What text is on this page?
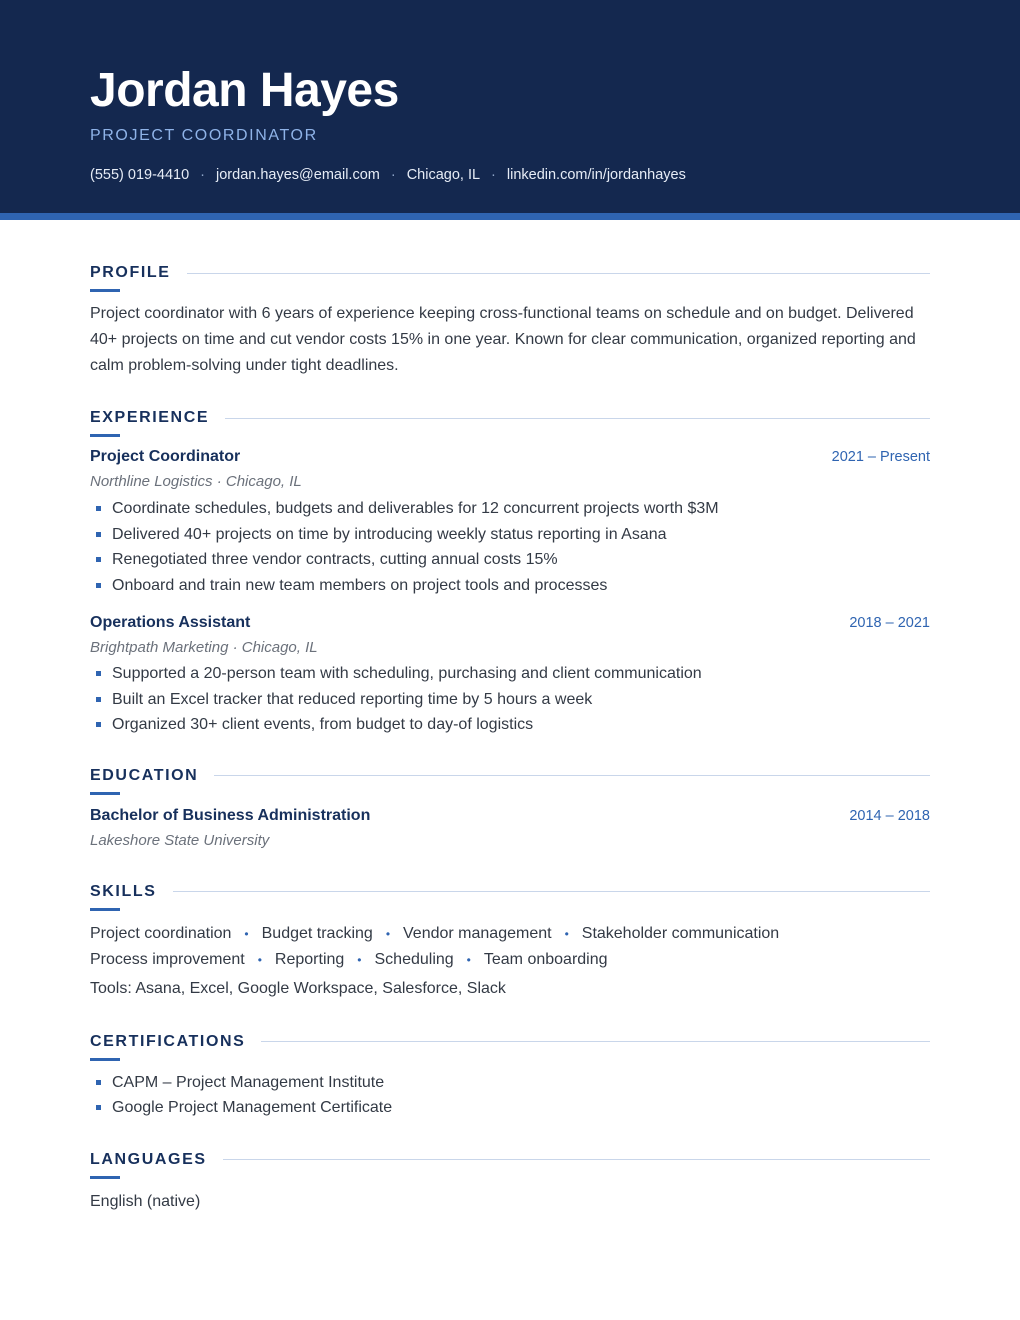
Jordan Hayes
PROJECT COORDINATOR
(555) 019-4410 · jordan.hayes@email.com · Chicago, IL · linkedin.com/in/jordanhayes
PROFILE

Project coordinator with 6 years of experience keeping cross-functional teams on schedule and on budget. Delivered 40+ projects on time and cut vendor costs 15% in one year. Known for clear communication, organized reporting and calm problem-solving under tight deadlines.

EXPERIENCE
Project Coordinator	2021 – Present
Northline Logistics · Chicago, IL
Coordinate schedules, budgets and deliverables for 12 concurrent projects worth $3M
Delivered 40+ projects on time by introducing weekly status reporting in Asana
Renegotiated three vendor contracts, cutting annual costs 15%
Onboard and train new team members on project tools and processes
Operations Assistant	2018 – 2021
Brightpath Marketing · Chicago, IL
Supported a 20-person team with scheduling, purchasing and client communication
Built an Excel tracker that reduced reporting time by 5 hours a week
Organized 30+ client events, from budget to day-of logistics
EDUCATION
Bachelor of Business Administration	2014 – 2018
Lakeshore State University
SKILLS
Project coordination • Budget tracking • Vendor management • Stakeholder communication
Process improvement • Reporting • Scheduling • Team onboarding

Tools: Asana, Excel, Google Workspace, Salesforce, Slack

CERTIFICATIONS
CAPM – Project Management Institute
Google Project Management Certificate
LANGUAGES

English (native)
